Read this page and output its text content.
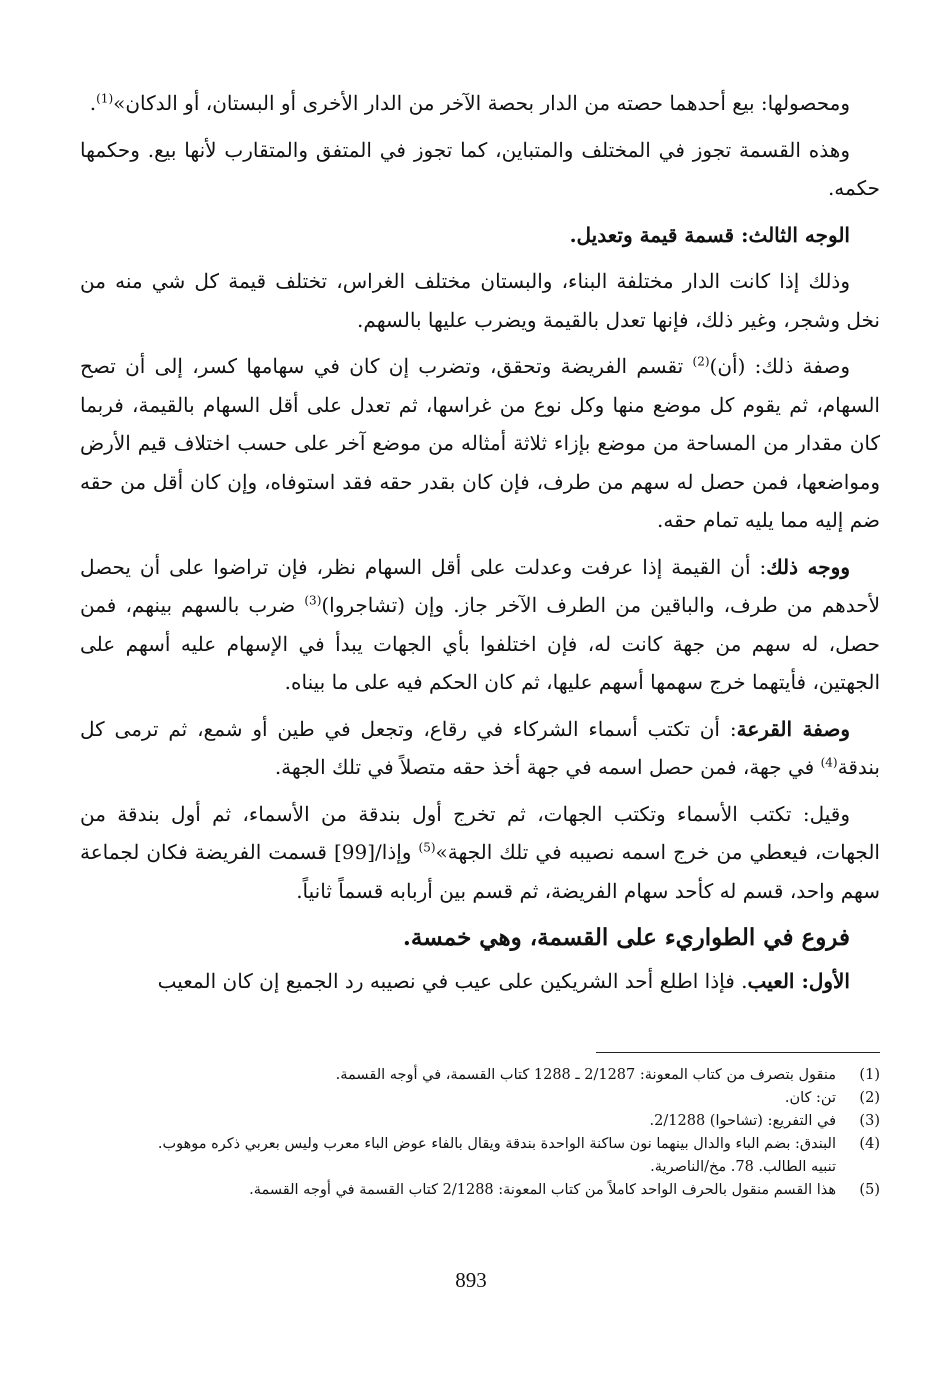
ومحصولها: بيع أحدهما حصته من الدار بحصة الآخر من الدار الأخرى أو البستان، أو الدكان»$^{(1)}$.

وهذه القسمة تجوز في المختلف والمتباين، كما تجوز في المتفق والمتقارب لأنها بيع. وحكمها حكمه.

الوجه الثالث: قسمة قيمة وتعديل.

وذلك إذا كانت الدار مختلفة البناء، والبستان مختلف الغراس، تختلف قيمة كل شي منه من نخل وشجر، وغير ذلك، فإنها تعدل بالقيمة ويضرب عليها بالسهم.

وصفة ذلك: (أن)$^{(2)}$ تقسم الفريضة وتحقق، وتضرب إن كان في سهامها كسر، إلى أن تصح السهام، ثم يقوم كل موضع منها وكل نوع من غراسها، ثم تعدل على أقل السهام بالقيمة، فربما كان مقدار من المساحة من موضع بإزاء ثلاثة أمثاله من موضع آخر على حسب اختلاف قيم الأرض ومواضعها، فمن حصل له سهم من طرف، فإن كان بقدر حقه فقد استوفاه، وإن كان أقل من حقه ضم إليه مما يليه تمام حقه.

ووجه ذلك: أن القيمة إذا عرفت وعدلت على أقل السهام نظر، فإن تراضوا على أن يحصل لأحدهم من طرف، والباقين من الطرف الآخر جاز. وإن (تشاجروا)$^{(3)}$ ضرب بالسهم بينهم، فمن حصل، له سهم من جهة كانت له، فإن اختلفوا بأي الجهات يبدأ في الإسهام عليه أسهم على الجهتين، فأيتهما خرج سهمها أسهم عليها، ثم كان الحكم فيه على ما بيناه.

وصفة القرعة: أن تكتب أسماء الشركاء في رقاع، وتجعل في طين أو شمع، ثم ترمى كل بندقة$^{(4)}$ في جهة، فمن حصل اسمه في جهة أخذ حقه متصلاً في تلك الجهة.

وقيل: تكتب الأسماء وتكتب الجهات، ثم تخرج أول بندقة من الأسماء، ثم أول بندقة من الجهات، فيعطي من خرج اسمه نصيبه في تلك الجهة»$^{(5)}$ وإذا/[99] قسمت الفريضة فكان لجماعة سهم واحد، قسم له كأحد سهام الفريضة، ثم قسم بين أربابه قسماً ثانياً.

فروع في الطواريء على القسمة، وهي خمسة.

الأول: العيب. فإذا اطلع أحد الشريكين على عيب في نصيبه رد الجميع إن كان المعيب

(1)
منقول بتصرف من كتاب المعونة: 2/1287 ـ 1288 كتاب القسمة، في أوجه القسمة.
(2)
تن: كان.
(3)
في التفريع: (تشاحوا) 2/1288.
(4)
البندق: بضم الباء والدال بينهما نون ساكنة الواحدة بندقة ويقال بالفاء عوض الباء معرب وليس بعربي ذكره موهوب.
تنبيه الطالب. 78. مخ/الناصرية.
(5)
هذا القسم منقول بالحرف الواحد كاملاً من كتاب المعونة: 2/1288 كتاب القسمة في أوجه القسمة.
893
